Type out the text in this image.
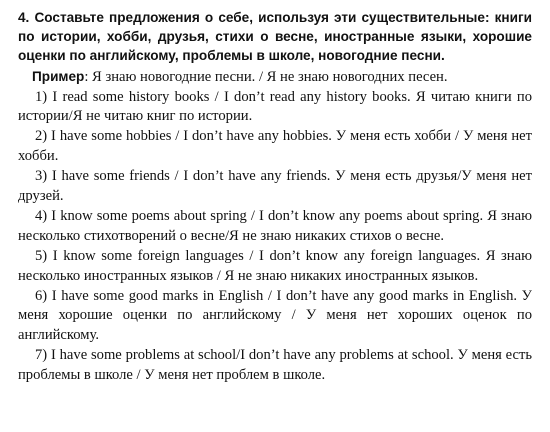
4. Составьте предложения о себе, используя эти существительные: книги по истории, хобби, друзья, стихи о весне, иностранные языки, хорошие оценки по английскому, проблемы в школе, новогодние песни.

Пример: Я знаю новогодние песни. / Я не знаю новогодних песен.

1) I read some history books / I don’t read any history books. Я читаю книги по истории/Я не читаю книг по истории.

2) I have some hobbies / I don’t have any hobbies. У меня есть хобби / У меня нет хобби.

3) I have some friends / I don’t have any friends. У меня есть друзья/У меня нет друзей.

4) I know some poems about spring / I don’t know any poems about spring. Я знаю несколько стихотворений о весне/Я не знаю никаких стихов о весне.

5) I know some foreign languages / I don’t know any foreign languages. Я знаю несколько иностранных языков / Я не знаю никаких иностранных языков.

6) I have some good marks in English / I don’t have any good marks in English. У меня хорошие оценки по английскому / У меня нет хороших оценок по английскому.

7) I have some problems at school/I don’t have any problems at school. У меня есть проблемы в школе / У меня нет проблем в школе.
